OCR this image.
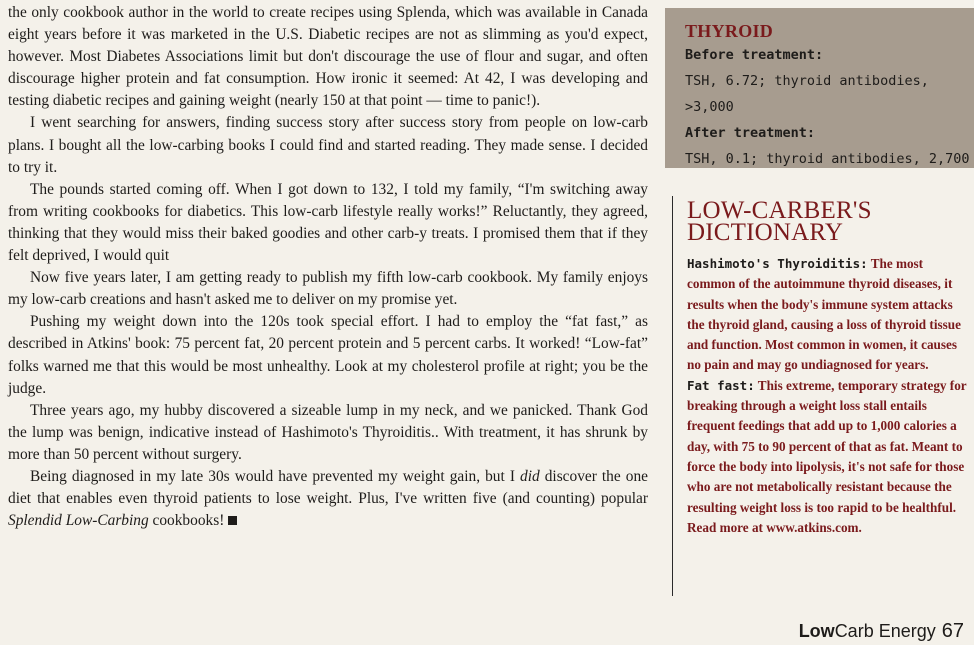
the only cookbook author in the world to create recipes using Splenda, which was available in Canada eight years before it was marketed in the U.S. Diabetic recipes are not as slimming as you'd expect, however. Most Diabetes Associations limit but don't discourage the use of flour and sugar, and often discourage higher protein and fat consumption. How ironic it seemed: At 42, I was developing and testing diabetic recipes and gaining weight (nearly 150 at that point — time to panic!).

I went searching for answers, finding success story after success story from people on low-carb plans. I bought all the low-carbing books I could find and started reading. They made sense. I decided to try it.

The pounds started coming off. When I got down to 132, I told my family, “I'm switching away from writing cookbooks for diabetics. This low-carb lifestyle really works!” Reluctantly, they agreed, thinking that they would miss their baked goodies and other carb-y treats. I promised them that if they felt deprived, I would quit

Now five years later, I am getting ready to publish my fifth low-carb cookbook. My family enjoys my low-carb creations and hasn't asked me to deliver on my promise yet.

Pushing my weight down into the 120s took special effort. I had to employ the “fat fast,” as described in Atkins' book: 75 percent fat, 20 percent protein and 5 percent carbs. It worked! “Low-fat” folks warned me that this would be most unhealthy. Look at my cholesterol profile at right; you be the judge.

Three years ago, my hubby discovered a sizeable lump in my neck, and we panicked. Thank God the lump was benign, indicative instead of Hashimoto's Thyroiditis.. With treatment, it has shrunk by more than 50 percent without surgery.

Being diagnosed in my late 30s would have prevented my weight gain, but I did discover the one diet that enables even thyroid patients to lose weight. Plus, I've written five (and counting) popular Splendid Low-Carbing cookbooks!

THYROID
Before treatment:
TSH, 6.72; thyroid antibodies, >3,000
After treatment:
TSH, 0.1; thyroid antibodies, 2,700
LOW-CARBER'S
DICTIONARY
Hashimoto's Thyroiditis: The most common of the autoimmune thyroid diseases, it results when the body's immune system attacks the thyroid gland, causing a loss of thyroid tissue and function. Most common in women, it causes no pain and may go undiagnosed for years.
Fat fast: This extreme, temporary strategy for breaking through a weight loss stall entails frequent feedings that add up to 1,000 calories a day, with 75 to 90 percent of that as fat. Meant to force the body into lipolysis, it's not safe for those who are not metabolically resistant because the resulting weight loss is too rapid to be healthful. Read more at www.atkins.com.
LowCarb Energy 67
